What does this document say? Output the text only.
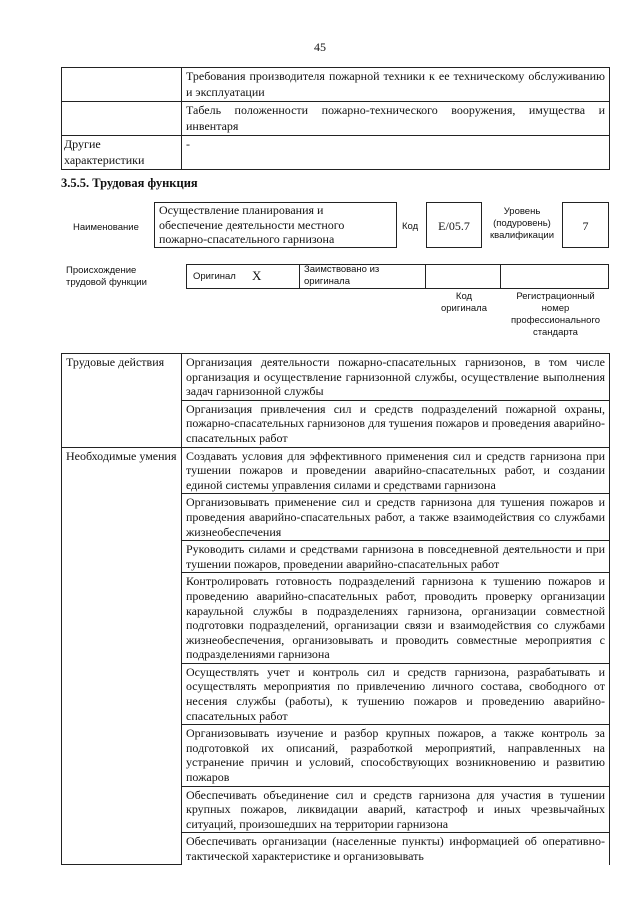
45
	Требования производителя пожарной техники к ее техническому обслуживанию и эксплуатации
	Табель положенности пожарно-технического вооружения, имущества и инвентаря
Другие характеристики	-
3.5.5. Трудовая функция
Наименование
Осуществление планирования и обеспечение деятельности местного пожарно-спасательного гарнизона
Код	E/05.7
Уровень (подуровень) квалификации
7
Происхождение трудовой функции
Оригинал X	Заимствовано из оригинала
Код оригинала
Регистрационный номер профессионального стандарта
Трудовые действия	Организация деятельности пожарно-спасательных гарнизонов, в том числе организация и осуществление гарнизонной службы, осуществление выполнения задач гарнизонной службы
	Организация привлечения сил и средств подразделений пожарной охраны, пожарно-спасательных гарнизонов для тушения пожаров и проведения аварийно-спасательных работ
Необходимые умения	Создавать условия для эффективного применения сил и средств гарнизона при тушении пожаров и проведении аварийно-спасательных работ, и создании единой системы управления силами и средствами гарнизона
	Организовывать применение сил и средств гарнизона для тушения пожаров и проведения аварийно-спасательных работ, а также взаимодействия со службами жизнеобеспечения
	Руководить силами и средствами гарнизона в повседневной деятельности и при тушении пожаров, проведении аварийно-спасательных работ
	Контролировать готовность подразделений гарнизона к тушению пожаров и проведению аварийно-спасательных работ, проводить проверку организации караульной службы в подразделениях гарнизона, организации совместной подготовки подразделений, организации связи и взаимодействия со службами жизнеобеспечения, организовывать и проводить совместные мероприятия с подразделениями гарнизона
	Осуществлять учет и контроль сил и средств гарнизона, разрабатывать и осуществлять мероприятия по привлечению личного состава, свободного от несения службы (работы), к тушению пожаров и проведению аварийно-спасательных работ
	Организовывать изучение и разбор крупных пожаров, а также контроль за подготовкой их описаний, разработкой мероприятий, направленных на устранение причин и условий, способствующих возникновению и развитию пожаров
	Обеспечивать объединение сил и средств гарнизона для участия в тушении крупных пожаров, ликвидации аварий, катастроф и иных чрезвычайных ситуаций, произошедших на территории гарнизона
	Обеспечивать организации (населенные пункты) информацией об оперативно-тактической характеристике и организовывать
